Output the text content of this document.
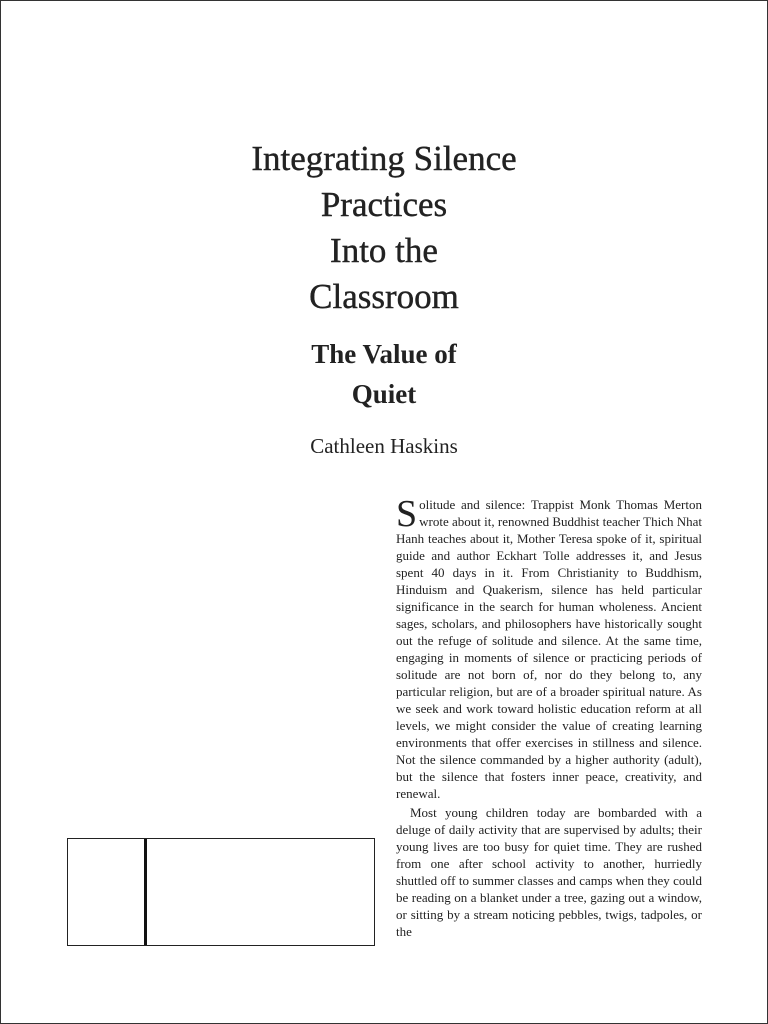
Integrating Silence
Practices
Into the
Classroom
The Value of
Quiet
Cathleen Haskins

Solitude and silence: Trappist Monk Thomas Merton wrote about it, renowned Buddhist teacher Thich Nhat Hanh teaches about it, Mother Teresa spoke of it, spiritual guide and author Eckhart Tolle addresses it, and Jesus spent 40 days in it. From Christianity to Buddhism, Hinduism and Quakerism, silence has held particular significance in the search for human wholeness. Ancient sages, scholars, and philosophers have historically sought out the refuge of solitude and silence. At the same time, engaging in moments of silence or practicing periods of solitude are not born of, nor do they belong to, any particular religion, but are of a broader spiritual nature. As we seek and work toward holistic education reform at all levels, we might consider the value of creating learning environments that offer exercises in stillness and silence. Not the silence commanded by a higher authority (adult), but the silence that fosters inner peace, creativity, and renewal.

Most young children today are bombarded with a deluge of daily activity that are supervised by adults; their young lives are too busy for quiet time. They are rushed from one after school activity to another, hurriedly shuttled off to summer classes and camps when they could be reading on a blanket under a tree, gazing out a window, or sitting by a stream noticing pebbles, twigs, tadpoles, or the
